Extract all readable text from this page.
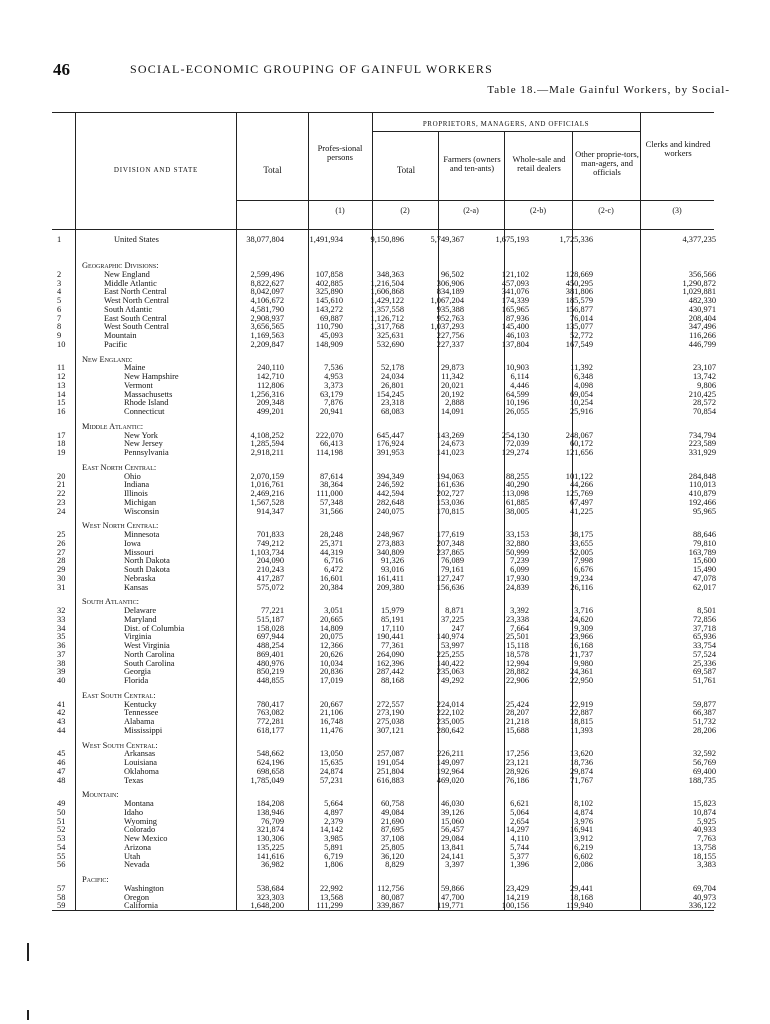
46	SOCIAL-ECONOMIC GROUPING OF GAINFUL WORKERS
Table 18.—Male Gainful Workers, by Social-
DIVISION AND STATE	Total
Profes-sional persons
PROPRIETORS, MANAGERS, AND OFFICIALS
Total
Farmers (owners and ten-ants)
Whole-sale and retail dealers
Other proprie-tors, man-agers, and officials
Clerks and kindred workers
(1)	(2)	(2-a)	(2-b)	(2-c)	(3)
1	United States	38,077,804	1,491,934	9,150,896	5,749,367	1,675,193	1,725,336	4,377,235
Geographic Divisions:
2	New England	2,599,496	107,858	348,363	96,502	121,102	128,669	356,566
3	Middle Atlantic	8,822,627	402,885	1,216,504	306,906	457,093	450,295	1,290,872
4	East North Central	8,042,097	325,890	1,606,868	834,189	341,076	381,806	1,029,881
5	West North Central	4,106,672	145,610	1,429,122	1,067,204	174,339	185,579	482,330
6	South Atlantic	4,581,790	143,272	1,357,558	935,388	165,965	156,877	430,971
7	East South Central	2,908,937	69,887	1,126,712	952,763	87,936	76,014	208,404
8	West South Central	3,656,565	110,790	1,317,768	1,037,293	145,400	135,077	347,496
9	Mountain	1,169,563	45,093	325,631	227,756	46,103	52,772	116,266
10	Pacific	2,209,847	148,909	532,690	227,337	137,804	167,549	446,799
New England:
11	Maine	240,110	7,536	52,178	29,873	10,903	11,392	23,107
12	New Hampshire	142,710	4,953	24,034	11,342	6,114	6,348	13,742
13	Vermont	112,806	3,373	26,801	20,021	4,446	4,098	9,806
14	Massachusetts	1,256,316	63,179	154,245	20,192	64,599	69,054	210,425
15	Rhode Island	209,348	7,876	23,318	2,888	10,196	10,254	28,572
16	Connecticut	499,201	20,941	68,083	14,091	26,055	25,916	70,854
Middle Atlantic:
17	New York	4,108,252	222,070	645,447	143,269	254,130	248,067	734,794
18	New Jersey	1,285,594	66,413	176,924	24,673	72,039	60,172	223,589
19	Pennsylvania	2,918,211	114,198	391,953	141,023	129,274	121,656	331,929
East North Central:
20	Ohio	2,070,159	87,614	394,349	194,063	88,255	101,122	284,848
21	Indiana	1,016,761	38,364	246,592	161,636	40,290	44,266	110,013
22	Illinois	2,469,216	111,000	442,594	202,727	113,098	125,769	410,879
23	Michigan	1,567,528	57,348	282,648	153,036	61,885	67,497	192,466
24	Wisconsin	914,347	31,566	240,075	170,815	38,005	41,225	95,965
West North Central:
25	Minnesota	701,833	28,248	248,967	177,619	33,153	38,175	88,646
26	Iowa	749,212	25,371	273,883	207,348	32,880	33,655	79,810
27	Missouri	1,103,734	44,319	340,809	237,865	50,999	52,005	163,789
28	North Dakota	204,090	6,716	91,326	76,089	7,239	7,998	15,600
29	South Dakota	210,243	6,472	93,016	79,161	6,099	6,676	15,490
30	Nebraska	417,287	16,601	161,411	127,247	17,930	19,234	47,078
31	Kansas	575,072	20,384	209,380	156,636	24,839	26,116	62,017
South Atlantic:
32	Delaware	77,221	3,051	15,979	8,871	3,392	3,716	8,501
33	Maryland	515,187	20,665	85,191	37,225	23,338	24,620	72,856
34	Dist. of Columbia	158,028	14,809	17,110	247	7,664	9,309	37,718
35	Virginia	697,944	20,075	190,441	140,974	25,501	23,966	65,936
36	West Virginia	488,254	12,366	77,361	53,997	15,118	16,168	33,754
37	North Carolina	869,401	20,626	264,090	225,255	18,578	21,737	57,524
38	South Carolina	480,976	10,034	162,396	140,422	12,994	9,980	25,336
39	Georgia	850,219	20,836	287,442	235,063	28,882	24,361	69,587
40	Florida	448,855	17,019	88,168	49,292	22,906	22,950	51,761
East South Central:
41	Kentucky	780,417	20,667	272,557	224,014	25,424	22,919	59,877
42	Tennessee	763,082	21,106	273,190	222,102	28,207	22,887	66,387
43	Alabama	772,281	16,748	275,038	235,005	21,218	18,815	51,732
44	Mississippi	618,177	11,476	307,121	280,642	15,688	11,393	28,206
West South Central:
45	Arkansas	548,662	13,050	257,087	226,211	17,256	13,620	32,592
46	Louisiana	624,196	15,635	191,054	149,097	23,121	18,736	56,769
47	Oklahoma	698,658	24,874	251,804	192,964	28,926	29,874	69,400
48	Texas	1,785,049	57,231	616,883	469,020	76,186	71,767	188,735
Mountain:
49	Montana	184,208	5,664	60,758	46,030	6,621	8,102	15,823
50	Idaho	138,946	4,897	49,084	39,126	5,064	4,874	10,874
51	Wyoming	76,709	2,379	21,690	15,060	2,654	3,976	5,925
52	Colorado	321,874	14,142	87,695	56,457	14,297	16,941	40,933
53	New Mexico	130,306	3,985	37,108	29,084	4,110	3,912	7,763
54	Arizona	135,225	5,891	25,805	13,841	5,744	6,219	13,758
55	Utah	141,616	6,719	36,120	24,141	5,377	6,602	18,155
56	Nevada	36,982	1,806	8,829	3,397	1,396	2,086	3,383
Pacific:
57	Washington	538,684	22,992	112,756	59,866	23,429	29,441	69,704
58	Oregon	323,303	13,568	80,087	47,700	14,219	18,168	40,973
59	California	1,648,200	111,299	339,867	119,771	100,156	119,940	336,122
